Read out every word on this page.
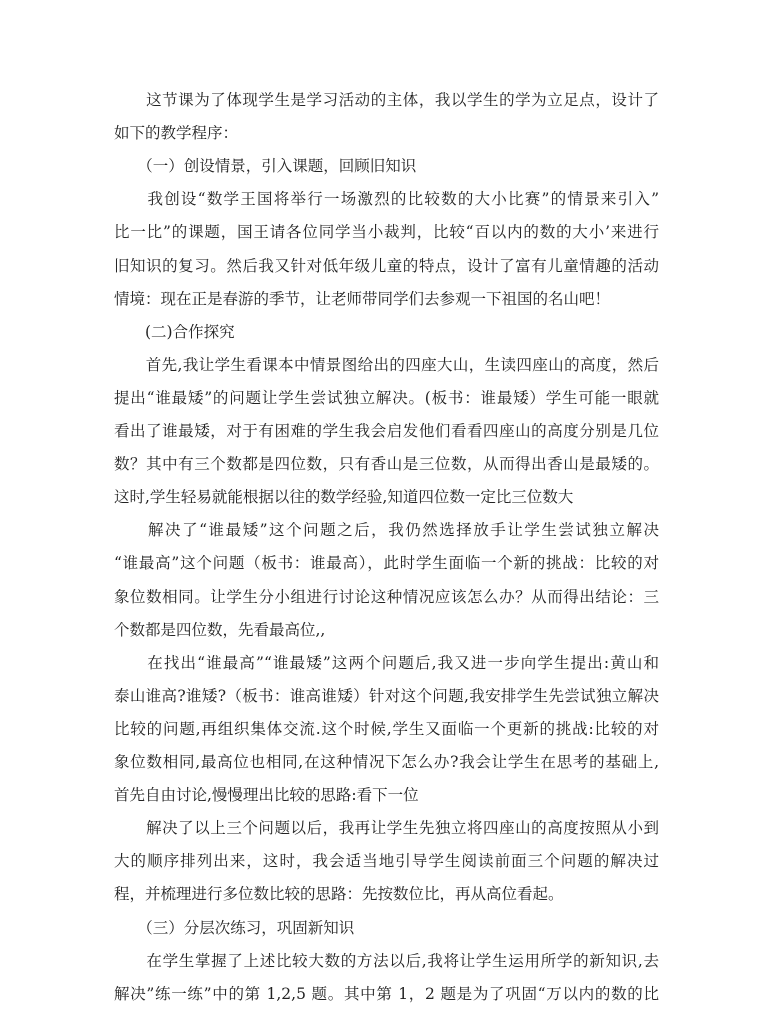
　　这节课为了体现学生是学习活动的主体，我以学生的学为立足点，设计了
如下的教学程序：
　　（一）创设情景，引入课题，回顾旧知识
　　我创设“数学王国将举行一场激烈的比较数的大小比赛”的情景来引入”
比一比”的课题，国王请各位同学当小裁判，比较“百以内的数的大小’来进行
旧知识的复习。然后我又针对低年级儿童的特点，设计了富有儿童情趣的活动
情境：现在正是春游的季节，让老师带同学们去参观一下祖国的名山吧！
　　(二)合作探究
　　首先,我让学生看课本中情景图给出的四座大山，生读四座山的高度，然后
提出“谁最矮”的问题让学生尝试独立解决。(板书：谁最矮）学生可能一眼就
看出了谁最矮，对于有困难的学生我会启发他们看看四座山的高度分别是几位
数？其中有三个数都是四位数，只有香山是三位数，从而得出香山是最矮的。
这时,学生轻易就能根据以往的数学经验,知道四位数一定比三位数大
　　解决了“谁最矮”这个问题之后，我仍然选择放手让学生尝试独立解决
“谁最高”这个问题（板书：谁最高），此时学生面临一个新的挑战：比较的对
象位数相同。让学生分小组进行讨论这种情况应该怎么办？从而得出结论：三
个数都是四位数，先看最高位,,
　　在找出“谁最高”“谁最矮”这两个问题后,我又进一步向学生提出:黄山和
泰山谁高?谁矮?（板书：谁高谁矮）针对这个问题,我安排学生先尝试独立解决
比较的问题,再组织集体交流.这个时候,学生又面临一个更新的挑战:比较的对
象位数相同,最高位也相同,在这种情况下怎么办?我会让学生在思考的基础上,
首先自由讨论,慢慢理出比较的思路:看下一位
　　解决了以上三个问题以后，我再让学生先独立将四座山的高度按照从小到
大的顺序排列出来，这时，我会适当地引导学生阅读前面三个问题的解决过
程，并梳理进行多位数比较的思路：先按数位比，再从高位看起。
　　（三）分层次练习，巩固新知识
　　在学生掌握了上述比较大数的方法以后,我将让学生运用所学的新知识,去
解决”练一练”中的第 1,2,5 题。其中第 1，2 题是为了巩固“万以内的数的比
